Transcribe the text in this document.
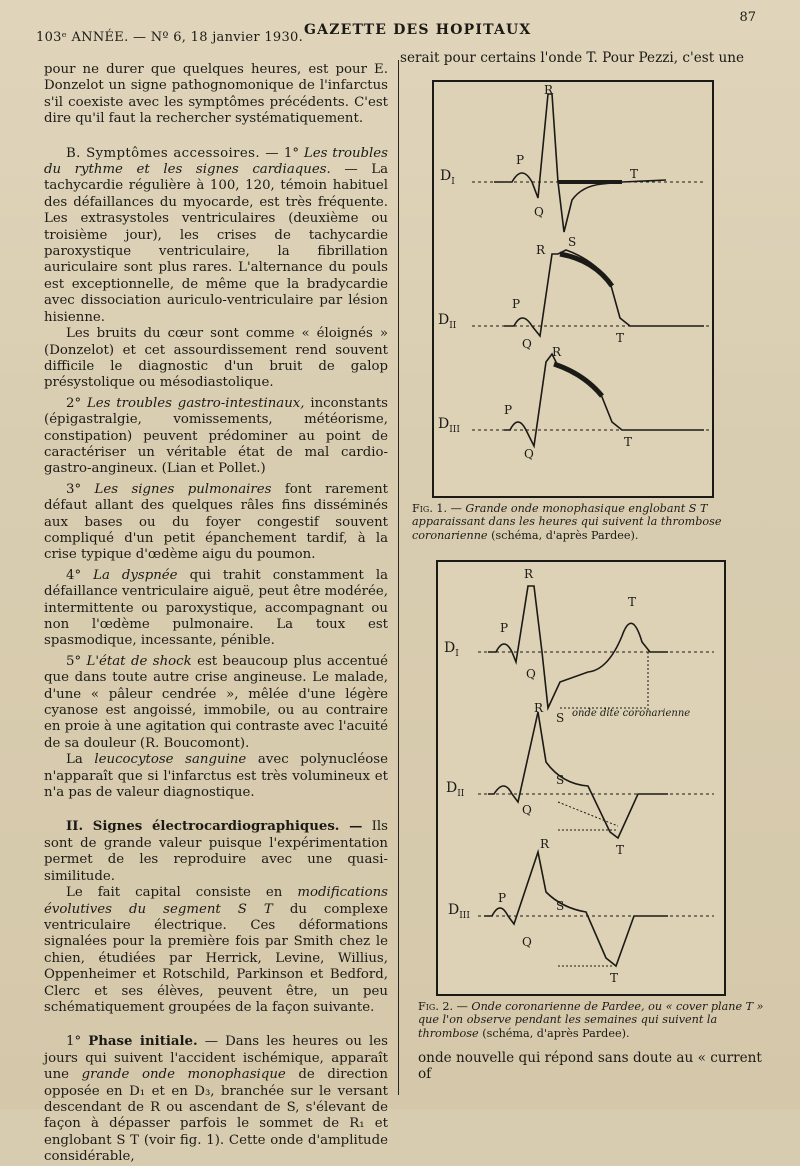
103ᵉ ANNÉE. — Nº 6, 18 janvier 1930. GAZETTE DES HOPITAUX
87

pour ne durer que quelques heures, est pour E. Donzelot un signe pathognomonique de l'infarctus s'il coexiste avec les symptômes précédents. C'est dire qu'il faut la rechercher systématiquement.

B. Symptômes accessoires. — 1° Les troubles du rythme et les signes cardiaques. — La tachycardie régulière à 100, 120, témoin habituel des défaillances du myocarde, est très fréquente. Les extrasystoles ventriculaires (deuxième ou troisième jour), les crises de tachycardie paroxystique ventriculaire, la fibrillation auriculaire sont plus rares. L'alternance du pouls est exceptionnelle, de même que la bradycardie avec dissociation auriculo-ventriculaire par lésion hisienne.

Les bruits du cœur sont comme « éloignés » (Donzelot) et cet assourdissement rend souvent difficile le diagnostic d'un bruit de galop présystolique ou mésodiastolique.

2° Les troubles gastro-intestinaux, inconstants (épigastralgie, vomissements, météorisme, constipation) peuvent prédominer au point de caractériser un véritable état de mal cardio-gastro-angineux. (Lian et Pollet.)

3° Les signes pulmonaires font rarement défaut allant des quelques râles fins disséminés aux bases ou du foyer congestif souvent compliqué d'un petit épanchement tardif, à la crise typique d'œdème aigu du poumon.

4° La dyspnée qui trahit constamment la défaillance ventriculaire aiguë, peut être modérée, intermittente ou paroxystique, accompagnant ou non l'œdème pulmonaire. La toux est spasmodique, incessante, pénible.

5° L'état de shock est beaucoup plus accentué que dans toute autre crise angineuse. Le malade, d'une « pâleur cendrée », mêlée d'une légère cyanose est angoissé, immobile, ou au contraire en proie à une agitation qui contraste avec l'acuité de sa douleur (R. Boucomont).

La leucocytose sanguine avec polynucléose n'apparaît que si l'infarctus est très volumineux et n'a pas de valeur diagnostique.

II. Signes électrocardiographiques. — Ils sont de grande valeur puisque l'expérimentation permet de les reproduire avec une quasi-similitude.

Le fait capital consiste en modifications évolutives du segment S T du complexe ventriculaire électrique. Ces déformations signalées pour la première fois par Smith chez le chien, étudiées par Herrick, Levine, Willius, Oppenheimer et Rotschild, Parkinson et Bedford, Clerc et ses élèves, peuvent être, un peu schématiquement groupées de la façon suivante.

1° Phase initiale. — Dans les heures ou les jours qui suivent l'accident ischémique, apparaît une grande onde monophasique de direction opposée en D₁ et en D₃, branchée sur le versant descendant de R ou ascendant de S, s'élevant de façon à dépasser parfois le sommet de R₁ et englobant S T (voir fig. 1). Cette onde d'amplitude considérable,

serait pour certains l'onde T. Pour Pezzi, c'est une
$D_I$
$D_{II}$
$D_{III}$
R
P
Q
S
T
R
P
Q	T
R
P
Q
T
Fig. 1. — Grande onde monophasique englobant S T apparaissant dans les heures qui suivent la thrombose coronarienne (schéma, d'après Pardee).
$D_I$
$D_{II}$
$D_{III}$
R
P
Q
T
R
S onde dite coronarienne
S
Q
T
R
P
S
Q
T
Fig. 2. — Onde coronarienne de Pardee, ou « cover plane T » que l'on observe pendant les semaines qui suivent la thrombose (schéma, d'après Pardee).
onde nouvelle qui répond sans doute au « current of
